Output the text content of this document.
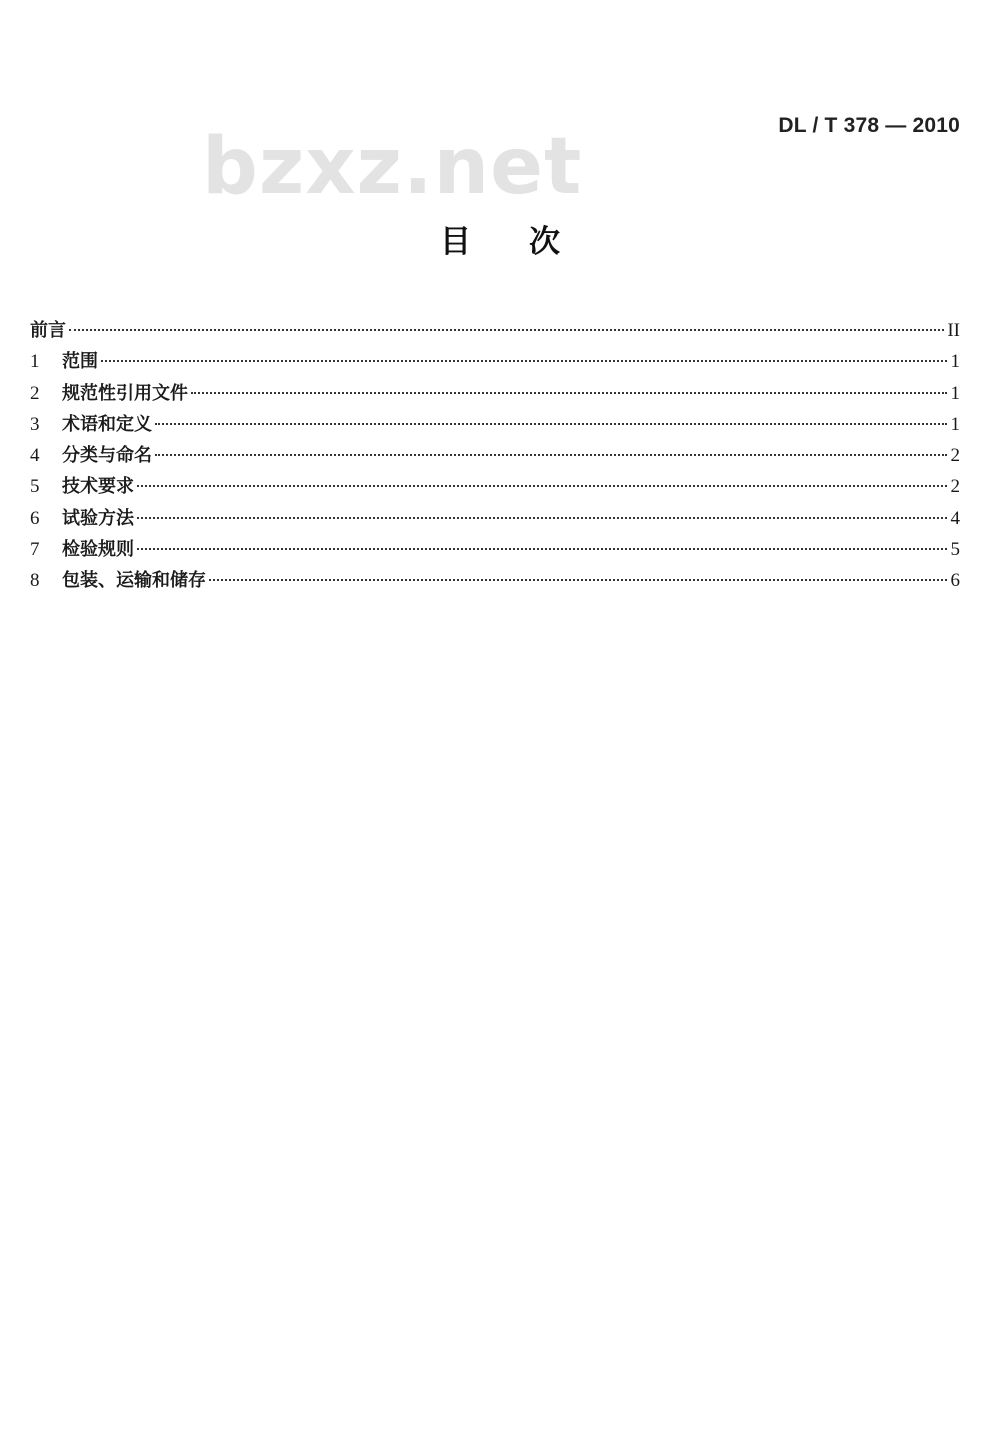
DL / T 378 — 2010
bzxz.net
目次
前言	II
1	范围	1
2	规范性引用文件	1
3	术语和定义	1
4	分类与命名	2
5	技术要求	2
6	试验方法	4
7	检验规则	5
8	包装、运输和储存	6
